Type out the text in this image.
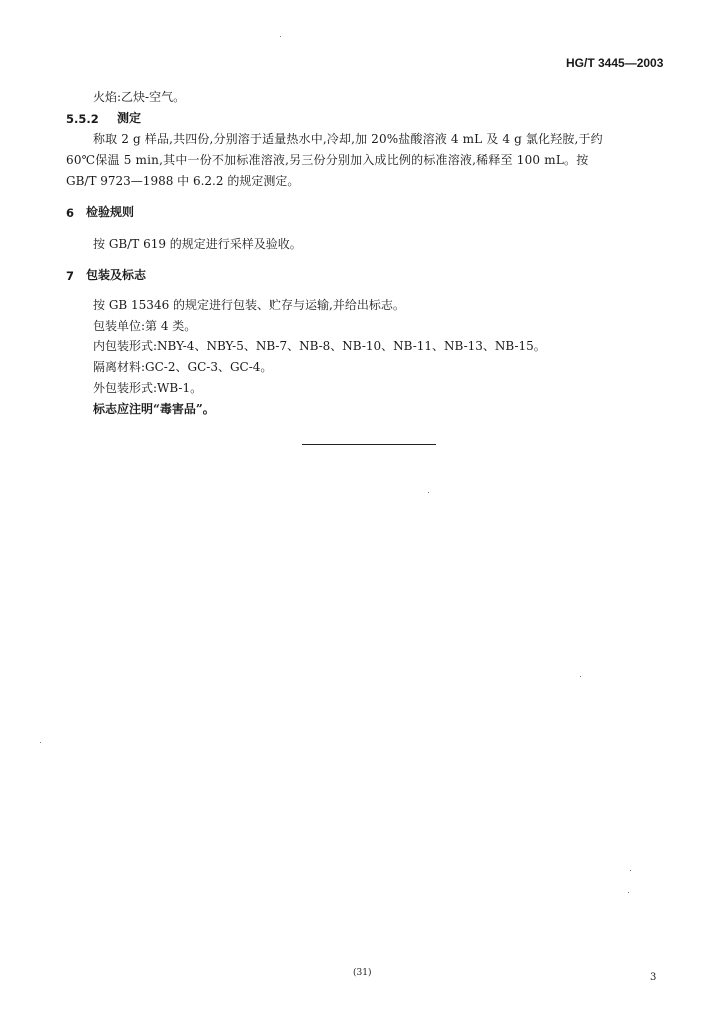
HG/T 3445—2003
火焰:乙炔-空气。
5.5.2 测定
称取 2 g 样品,共四份,分别溶于适量热水中,冷却,加 20%盐酸溶液 4 mL 及 4 g 氯化羟胺,于约
60℃保温 5 min,其中一份不加标准溶液,另三份分别加入成比例的标准溶液,稀释至 100 mL。按
GB/T 9723—1988 中 6.2.2 的规定测定。
6 检验规则
按 GB/T 619 的规定进行采样及验收。
7 包装及标志
按 GB 15346 的规定进行包装、贮存与运输,并给出标志。
包装单位:第 4 类。
内包装形式:NBY-4、NBY-5、NB-7、NB-8、NB-10、NB-11、NB-13、NB-15。
隔离材料:GC-2、GC-3、GC-4。
外包装形式:WB-1。
标志应注明“毒害品”。
(31)	3
